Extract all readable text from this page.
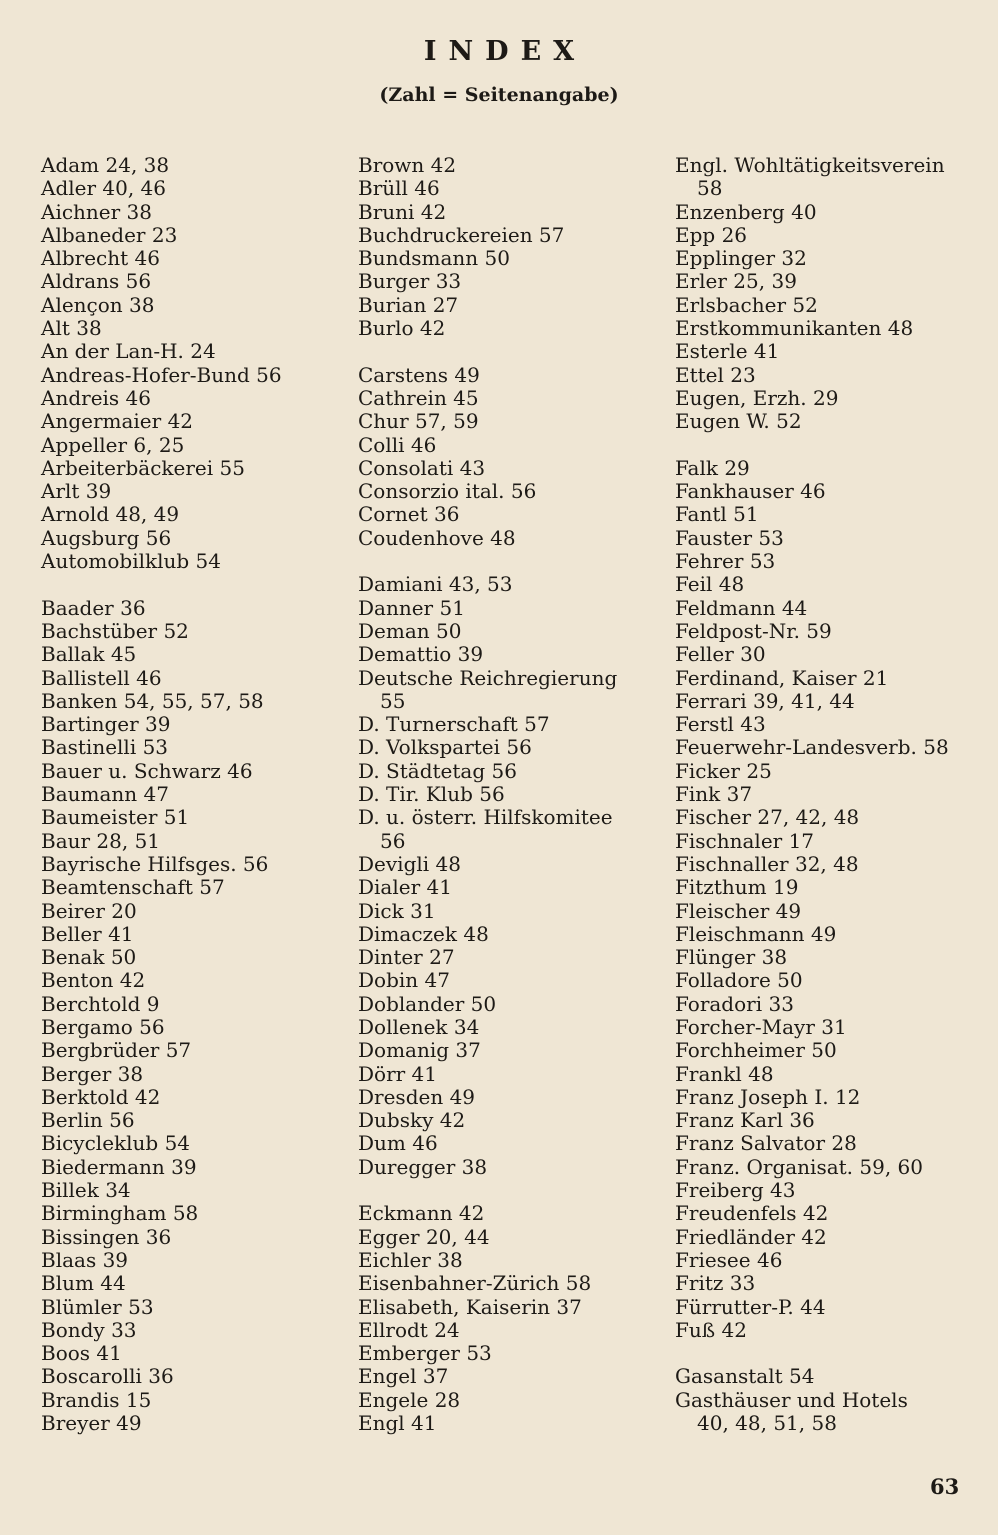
INDEX
(Zahl = Seitenangabe)
Adam 24, 38
Adler 40, 46
Aichner 38
Albaneder 23
Albrecht 46
Aldrans 56
Alençon 38
Alt 38
An der Lan-H. 24
Andreas-Hofer-Bund 56
Andreis 46
Angermaier 42
Appeller 6, 25
Arbeiterbäckerei 55
Arlt 39
Arnold 48, 49
Augsburg 56
Automobilklub 54
Baader 36
Bachstüber 52
Ballak 45
Ballistell 46
Banken 54, 55, 57, 58
Bartinger 39
Bastinelli 53
Bauer u. Schwarz 46
Baumann 47
Baumeister 51
Baur 28, 51
Bayrische Hilfsges. 56
Beamtenschaft 57
Beirer 20
Beller 41
Benak 50
Benton 42
Berchtold 9
Bergamo 56
Bergbrüder 57
Berger 38
Berktold 42
Berlin 56
Bicycleklub 54
Biedermann 39
Billek 34
Birmingham 58
Bissingen 36
Blaas 39
Blum 44
Blümler 53
Bondy 33
Boos 41
Boscarolli 36
Brandis 15
Breyer 49
Brown 42
Brüll 46
Bruni 42
Buchdruckereien 57
Bundsmann 50
Burger 33
Burian 27
Burlo 42
Carstens 49
Cathrein 45
Chur 57, 59
Colli 46
Consolati 43
Consorzio ital. 56
Cornet 36
Coudenhove 48
Damiani 43, 53
Danner 51
Deman 50
Demattio 39
Deutsche Reichregierung
55
D. Turnerschaft 57
D. Volkspartei 56
D. Städtetag 56
D. Tir. Klub 56
D. u. österr. Hilfskomitee
56
Devigli 48
Dialer 41
Dick 31
Dimaczek 48
Dinter 27
Dobin 47
Doblander 50
Dollenek 34
Domanig 37
Dörr 41
Dresden 49
Dubsky 42
Dum 46
Duregger 38
Eckmann 42
Egger 20, 44
Eichler 38
Eisenbahner-Zürich 58
Elisabeth, Kaiserin 37
Ellrodt 24
Emberger 53
Engel 37
Engele 28
Engl 41
Engl. Wohltätigkeitsverein
58
Enzenberg 40
Epp 26
Epplinger 32
Erler 25, 39
Erlsbacher 52
Erstkommunikanten 48
Esterle 41
Ettel 23
Eugen, Erzh. 29
Eugen W. 52
Falk 29
Fankhauser 46
Fantl 51
Fauster 53
Fehrer 53
Feil 48
Feldmann 44
Feldpost-Nr. 59
Feller 30
Ferdinand, Kaiser 21
Ferrari 39, 41, 44
Ferstl 43
Feuerwehr-Landesverb. 58
Ficker 25
Fink 37
Fischer 27, 42, 48
Fischnaler 17
Fischnaller 32, 48
Fitzthum 19
Fleischer 49
Fleischmann 49
Flünger 38
Folladore 50
Foradori 33
Forcher-Mayr 31
Forchheimer 50
Frankl 48
Franz Joseph I. 12
Franz Karl 36
Franz Salvator 28
Franz. Organisat. 59, 60
Freiberg 43
Freudenfels 42
Friedländer 42
Friesee 46
Fritz 33
Fürrutter-P. 44
Fuß 42
Gasanstalt 54
Gasthäuser und Hotels
40, 48, 51, 58
63
